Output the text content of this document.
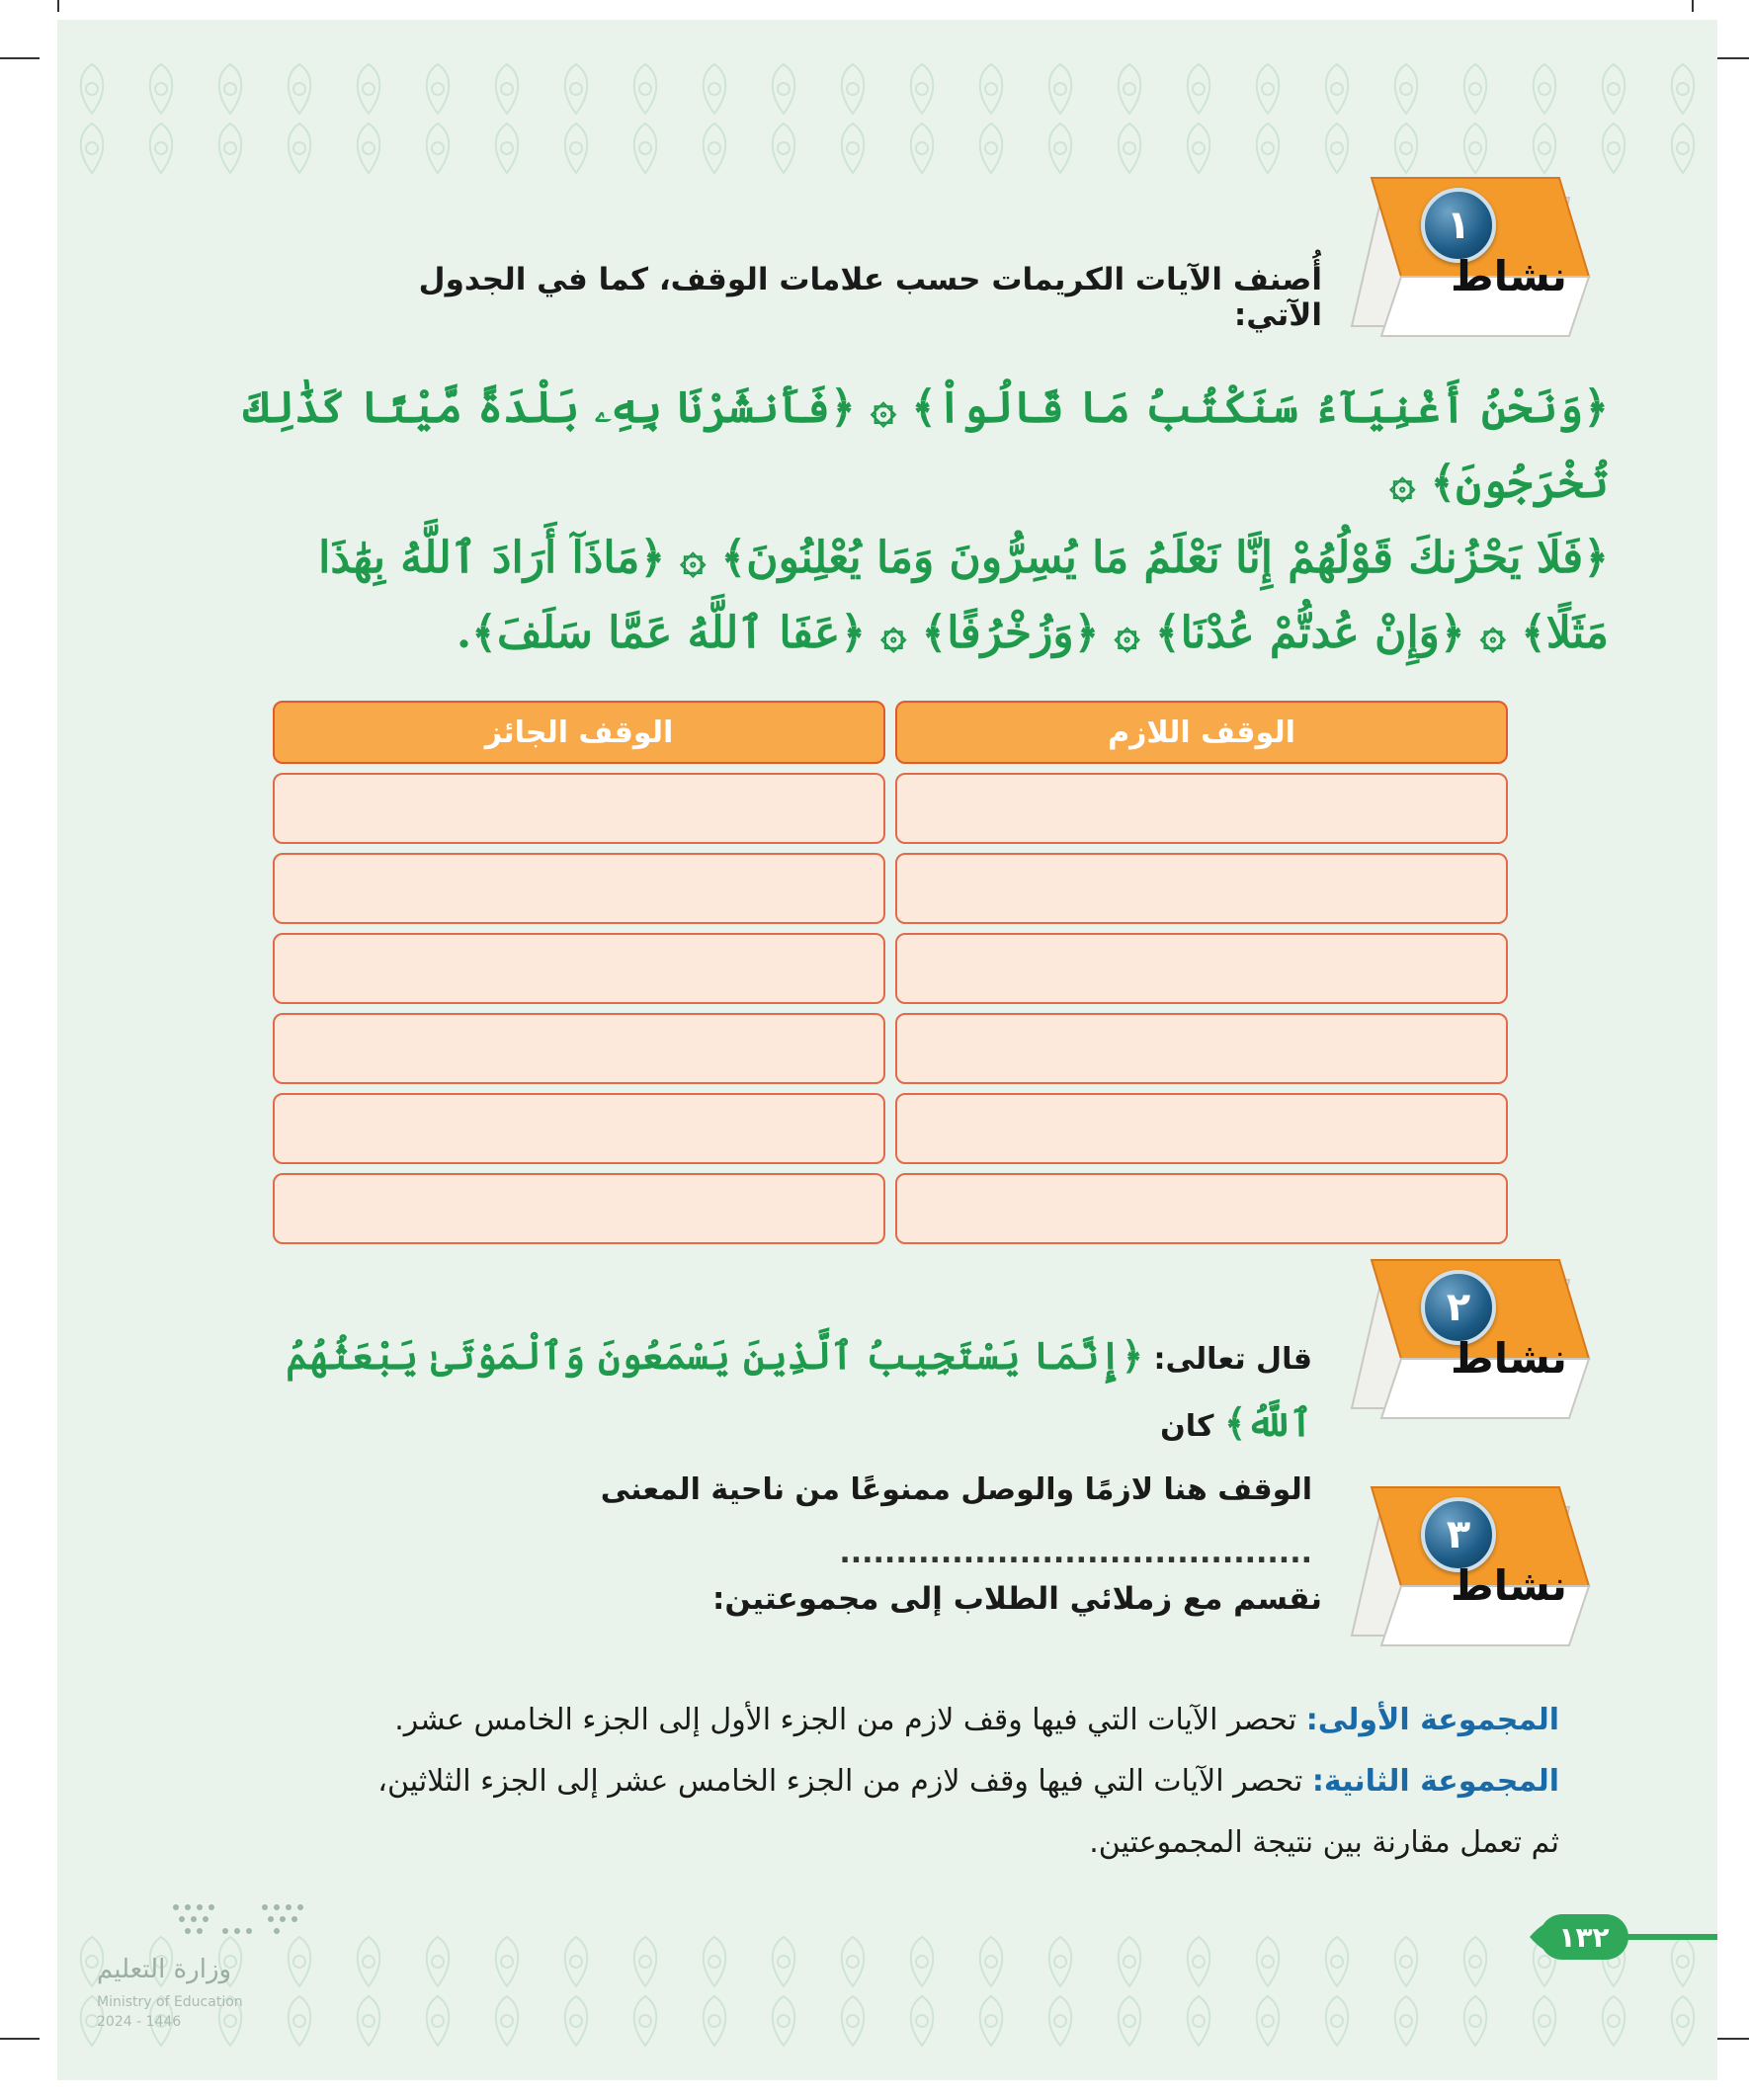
١
نشاط
أُصنف الآيات الكريمات حسب علامات الوقف، كما في الجدول الآتي:
﴿وَنَحْنُ أَغْنِيَآءُ سَنَكْتُبُ مَا قَالُواْ﴾ ۞ ﴿فَأَنشَرْنَا بِهِۦ بَلْدَةً مَّيْتًا كَذَٰلِكَ تُخْرَجُونَ﴾ ۞
﴿فَلَا يَحْزُنكَ قَوْلُهُمْ إِنَّا نَعْلَمُ مَا يُسِرُّونَ وَمَا يُعْلِنُونَ﴾ ۞ ﴿مَاذَآ أَرَادَ ٱللَّهُ بِهَٰذَا
مَثَلًا﴾ ۞ ﴿وَإِنْ عُدتُّمْ عُدْنَا﴾ ۞ ﴿وَزُخْرُفًا﴾ ۞ ﴿عَفَا ٱللَّهُ عَمَّا سَلَفَ﴾.
الوقف اللازم	الوقف الجائز

٢
نشاط
قال تعالى: ﴿إِنَّمَا يَسْتَجِيبُ ٱلَّذِينَ يَسْمَعُونَ وَٱلْمَوْتَىٰ يَبْعَثُهُمُ ٱللَّهُ﴾ كان
الوقف هنا لازمًا والوصل ممنوعًا من ناحية المعنى ..........................................	٣
نشاط
نقسم مع زملائي الطلاب إلى مجموعتين:
المجموعة الأولى: تحصر الآيات التي فيها وقف لازم من الجزء الأول إلى الجزء الخامس عشر.
المجموعة الثانية: تحصر الآيات التي فيها وقف لازم من الجزء الخامس عشر إلى الجزء الثلاثين،
ثم تعمل مقارنة بين نتيجة المجموعتين.
١٣٢
وزارة التعليم
Ministry of Education
2024 - 1446
